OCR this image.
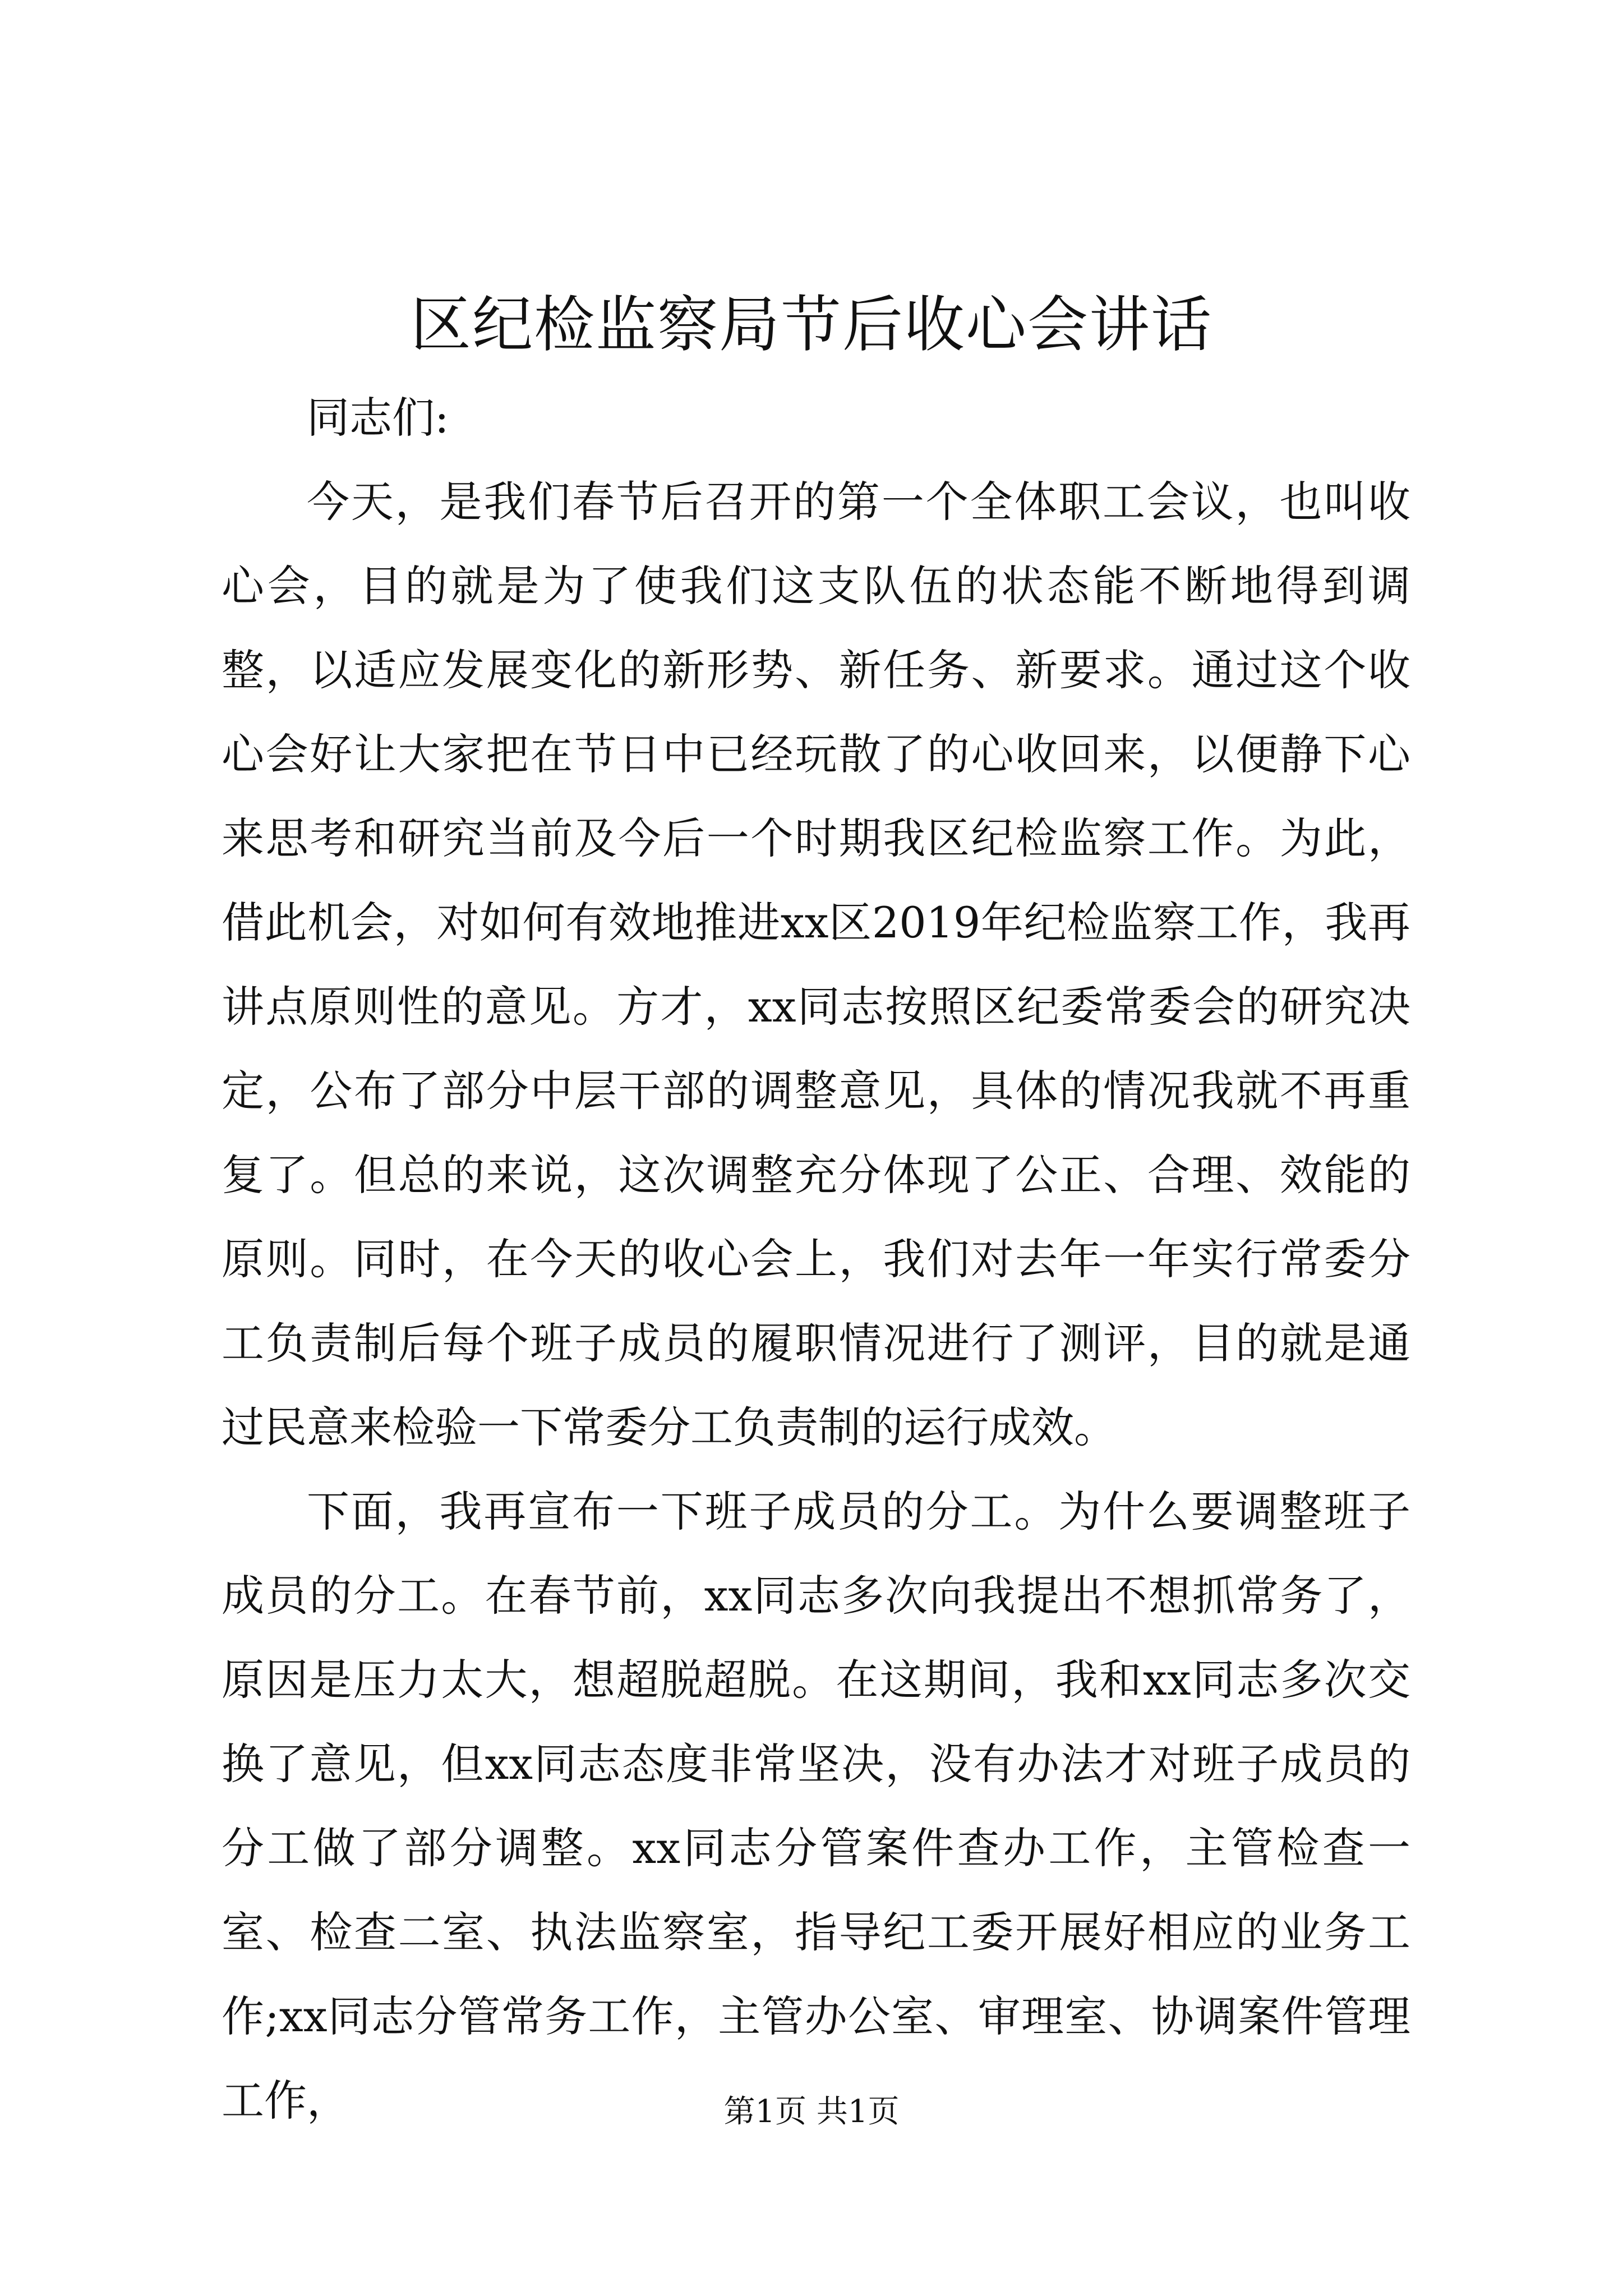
区纪检监察局节后收心会讲话

同志们:

今天，是我们春节后召开的第一个全体职工会议，也叫收心会，目的就是为了使我们这支队伍的状态能不断地得到调整，以适应发展变化的新形势、新任务、新要求。通过这个收心会好让大家把在节日中已经玩散了的心收回来，以便静下心来思考和研究当前及今后一个时期我区纪检监察工作。为此，借此机会，对如何有效地推进xx区2019年纪检监察工作，我再讲点原则性的意见。方才，xx同志按照区纪委常委会的研究决定，公布了部分中层干部的调整意见，具体的情况我就不再重复了。但总的来说，这次调整充分体现了公正、合理、效能的原则。同时，在今天的收心会上，我们对去年一年实行常委分工负责制后每个班子成员的履职情况进行了测评，目的就是通过民意来检验一下常委分工负责制的运行成效。

下面，我再宣布一下班子成员的分工。为什么要调整班子成员的分工。在春节前，xx同志多次向我提出不想抓常务了，原因是压力太大，想超脱超脱。在这期间，我和xx同志多次交换了意见，但xx同志态度非常坚决，没有办法才对班子成员的分工做了部分调整。xx同志分管案件查办工作，主管检查一室、检查二室、执法监察室，指导纪工委开展好相应的业务工作;xx同志分管常务工作，主管办公室、审理室、协调案件管理工作，	第1页 共1页
